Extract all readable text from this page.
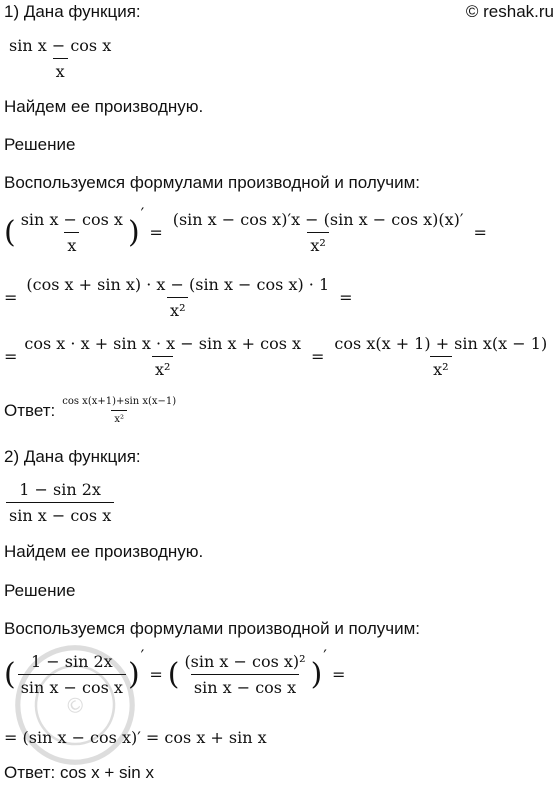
© reshak.ru
1) Дана функция:
$\frac{\text{sin x − cos x}}{x}$
Найдем ее производную.
Решение
Воспользуемся формулами производной и получим:
( $\frac{\text{sin x − cos x}}{x}$ )
′
= $\frac{\text{(sin x − cos x)′x − (sin x − cos x)(x)′}}{\text{x²}}$ =
= $\frac{\text{(cos x + sin x) · x − (sin x − cos x) · 1}}{\text{x²}}$ =
= $\frac{\text{cos x · x + sin x · x − sin x + cos x}}{\text{x²}} = \frac{\text{cos x(x + 1) + sin x(x − 1)}}{\text{x²}}$
Ответ: $\frac{\text{cos x(x+1)+sin x(x−1)}}{\text{x²}}$
2) Дана функция:
$\frac{1 - \sin 2x}{\text{sin x − cos x}}$
Найдем ее производную.
Решение
Воспользуемся формулами производной и получим:
( $\frac{1 - \sin 2x}{\text{sin x − cos x}}$ )
′
= ( $\frac{\text{(sin x − cos x)²}}{\text{sin x − cos x}}$ )
′
=
= (sin x − cos x)′ = cos x + sin x
Ответ: cos x + sin x
©
